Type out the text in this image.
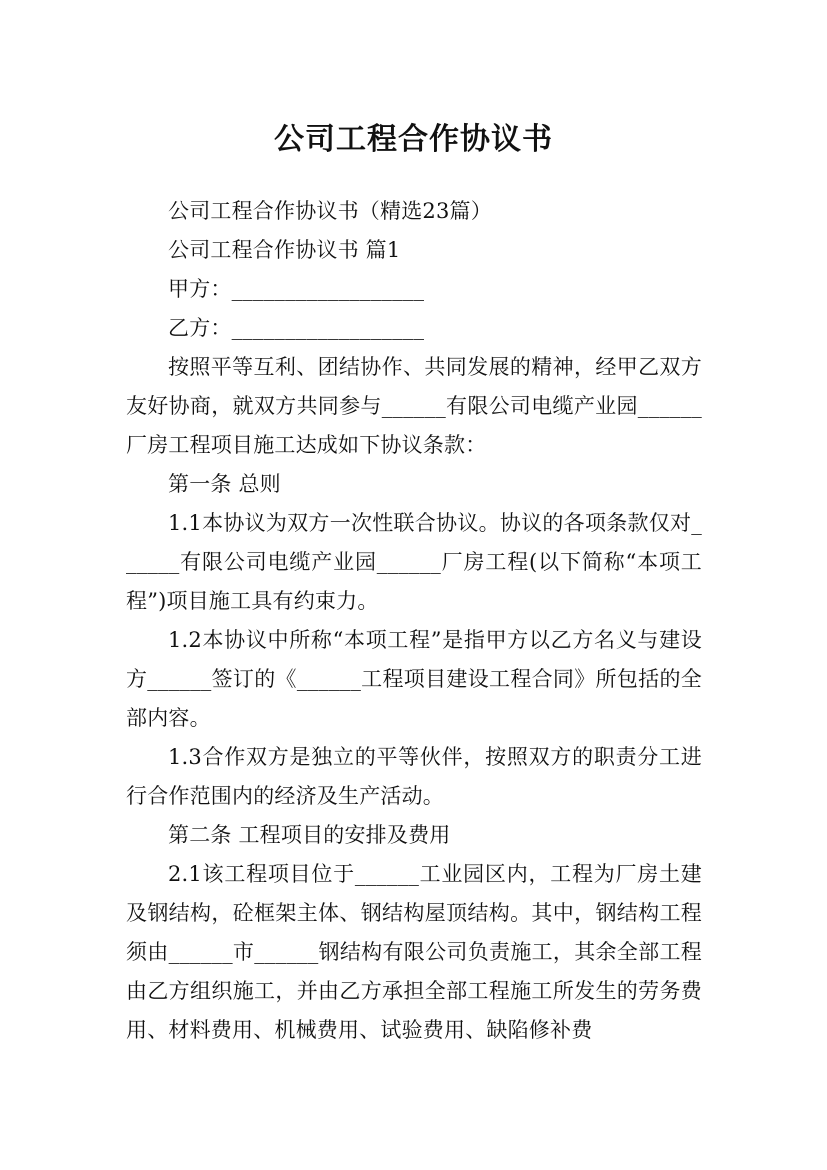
公司工程合作协议书

公司工程合作协议书（精选23篇）

公司工程合作协议书 篇1

甲方：__________________

乙方：__________________

按照平等互利、团结协作、共同发展的精神，经甲乙双方友好协商，就双方共同参与______有限公司电缆产业园______厂房工程项目施工达成如下协议条款：

第一条 总则

1.1本协议为双方一次性联合协议。协议的各项条款仅对______有限公司电缆产业园______厂房工程(以下简称“本项工程”)项目施工具有约束力。

1.2本协议中所称“本项工程”是指甲方以乙方名义与建设方______签订的《______工程项目建设工程合同》所包括的全部内容。

1.3合作双方是独立的平等伙伴，按照双方的职责分工进行合作范围内的经济及生产活动。

第二条 工程项目的安排及费用

2.1该工程项目位于______工业园区内，工程为厂房土建及钢结构，砼框架主体、钢结构屋顶结构。其中，钢结构工程须由______市______钢结构有限公司负责施工，其余全部工程由乙方组织施工，并由乙方承担全部工程施工所发生的劳务费用、材料费用、机械费用、试验费用、缺陷修补费
